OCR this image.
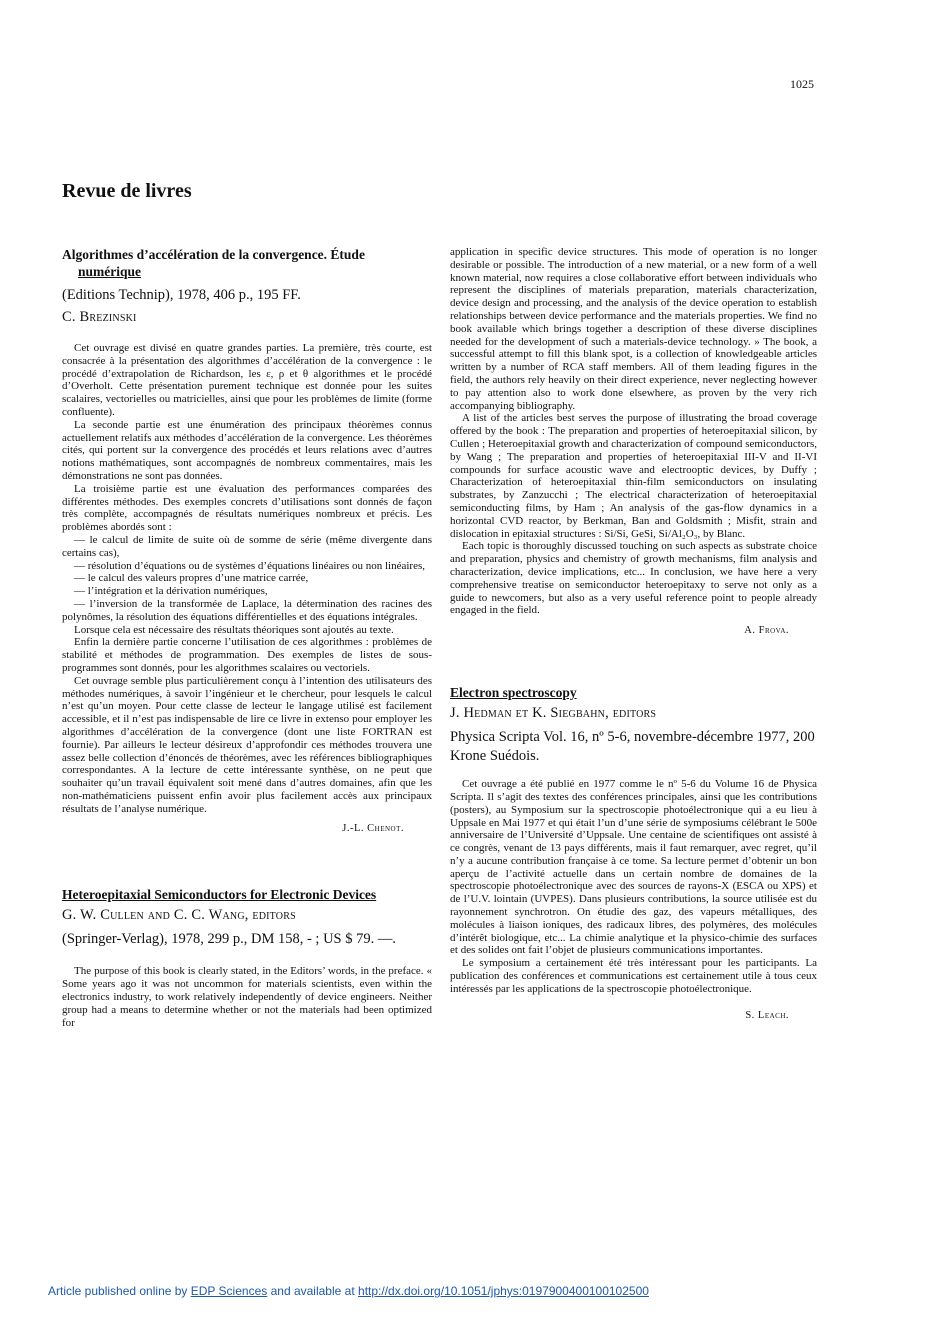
1025
Revue de livres

Algorithmes d’accélération de la convergence. Étude
numérique

(Editions Technip), 1978, 406 p., 195 FF.

C. Brezinski

Cet ouvrage est divisé en quatre grandes parties. La première, très courte, est consacrée à la présentation des algorithmes d’accélération de la convergence : le procédé d’extrapolation de Richardson, les ε, ρ et θ algorithmes et le procédé d’Overholt. Cette présentation purement technique est donnée pour les suites scalaires, vectorielles ou matricielles, ainsi que pour les problèmes de limite (forme confluente).

La seconde partie est une énumération des principaux théorèmes connus actuellement relatifs aux méthodes d’accélération de la convergence. Les théorèmes cités, qui portent sur la convergence des procédés et leurs relations avec d’autres notions mathématiques, sont accompagnés de nombreux commentaires, mais les démonstrations ne sont pas données.

La troisième partie est une évaluation des performances comparées des différentes méthodes. Des exemples concrets d’utilisations sont donnés de façon très complète, accompagnés de résultats numériques nombreux et précis. Les problèmes abordés sont :

— le calcul de limite de suite où de somme de série (même divergente dans certains cas),

— résolution d’équations ou de systèmes d’équations linéaires ou non linéaires,

— le calcul des valeurs propres d’une matrice carrée,

— l’intégration et la dérivation numériques,

— l’inversion de la transformée de Laplace, la détermination des racines des polynômes, la résolution des équations différentielles et des équations intégrales.

Lorsque cela est nécessaire des résultats théoriques sont ajoutés au texte.

Enfin la dernière partie concerne l’utilisation de ces algorithmes : problèmes de stabilité et méthodes de programmation. Des exemples de listes de sous-programmes sont donnés, pour les algorithmes scalaires ou vectoriels.

Cet ouvrage semble plus particulièrement conçu à l’intention des utilisateurs des méthodes numériques, à savoir l’ingénieur et le chercheur, pour lesquels le calcul n’est qu’un moyen. Pour cette classe de lecteur le langage utilisé est facilement accessible, et il n’est pas indispensable de lire ce livre in extenso pour employer les algorithmes d’accélération de la convergence (dont une liste FORTRAN est fournie). Par ailleurs le lecteur désireux d’approfondir ces méthodes trouvera une assez belle collection d’énoncés de théorèmes, avec les références bibliographiques correspondantes. A la lecture de cette intéressante synthèse, on ne peut que souhaiter qu’un travail équivalent soit mené dans d’autres domaines, afin que les non-mathématiciens puissent enfin avoir plus facilement accès aux principaux résultats de l’analyse numérique.

J.-L. Chenot.

Heteroepitaxial Semiconductors for Electronic Devices

G. W. Cullen and C. C. Wang, editors

(Springer-Verlag), 1978, 299 p., DM 158, - ; US $ 79. —.

The purpose of this book is clearly stated, in the Editors’ words, in the preface. « Some years ago it was not uncommon for materials scientists, even within the electronics industry, to work relatively independently of device engineers. Neither group had a means to determine whether or not the materials had been optimized for

application in specific device structures. This mode of operation is no longer desirable or possible. The introduction of a new material, or a new form of a well known material, now requires a close collaborative effort between individuals who represent the disciplines of materials preparation, materials characterization, device design and processing, and the analysis of the device operation to establish relationships between device performance and the materials properties. We find no book available which brings together a description of these diverse disciplines needed for the development of such a materials-device technology. » The book, a successful attempt to fill this blank spot, is a collection of knowledgeable articles written by a number of RCA staff members. All of them leading figures in the field, the authors rely heavily on their direct experience, never neglecting however to pay attention also to work done elsewhere, as proven by the very rich accompanying bibliography.

A list of the articles best serves the purpose of illustrating the broad coverage offered by the book : The preparation and properties of heteroepitaxial silicon, by Cullen ; Heteroepitaxial growth and characterization of compound semiconductors, by Wang ; The preparation and properties of heteroepitaxial III-V and II-VI compounds for surface acoustic wave and electrooptic devices, by Duffy ; Characterization of heteroepitaxial thin-film semiconductors on insulating substrates, by Zanzucchi ; The electrical characterization of heteroepitaxial semiconducting films, by Ham ; An analysis of the gas-flow dynamics in a horizontal CVD reactor, by Berkman, Ban and Goldsmith ; Misfit, strain and dislocation in epitaxial structures : Si/Si, GeSi, Si/Al₂O₃, by Blanc.

Each topic is thoroughly discussed touching on such aspects as substrate choice and preparation, physics and chemistry of growth mechanisms, film analysis and characterization, device implications, etc... In conclusion, we have here a very comprehensive treatise on semiconductor heteroepitaxy to serve not only as a guide to newcomers, but also as a very useful reference point to people already engaged in the field.

A. Frova.

Electron spectroscopy

J. Hedman et K. Siegbahn, editors

Physica Scripta Vol. 16, nº 5-6, novembre-décembre 1977, 200 Krone Suédois.

Cet ouvrage a été publié en 1977 comme le nº 5-6 du Volume 16 de Physica Scripta. Il s’agit des textes des conférences principales, ainsi que les contributions (posters), au Symposium sur la spectroscopie photoélectronique qui a eu lieu à Uppsale en Mai 1977 et qui était l’un d’une série de symposiums célébrant le 500e anniversaire de l’Université d’Uppsale. Une centaine de scientifiques ont assisté à ce congrès, venant de 13 pays différents, mais il faut remarquer, avec regret, qu’il n’y a aucune contribution française à ce tome. Sa lecture permet d’obtenir un bon aperçu de l’activité actuelle dans un certain nombre de domaines de la spectroscopie photoélectronique avec des sources de rayons-X (ESCA ou XPS) et de l’U.V. lointain (UVPES). Dans plusieurs contributions, la source utilisée est du rayonnement synchrotron. On étudie des gaz, des vapeurs métalliques, des molécules à liaison ioniques, des radicaux libres, des polymères, des molécules d’intérêt biologique, etc... La chimie analytique et la physico-chimie des surfaces et des solides ont fait l’objet de plusieurs communications importantes.

Le symposium a certainement été très intéressant pour les participants. La publication des conférences et communications est certainement utile à tous ceux intéressés par les applications de la spectroscopie photoélectronique.

S. Leach.
Article published online by EDP Sciences and available at http://dx.doi.org/10.1051/jphys:0197900400100102500
